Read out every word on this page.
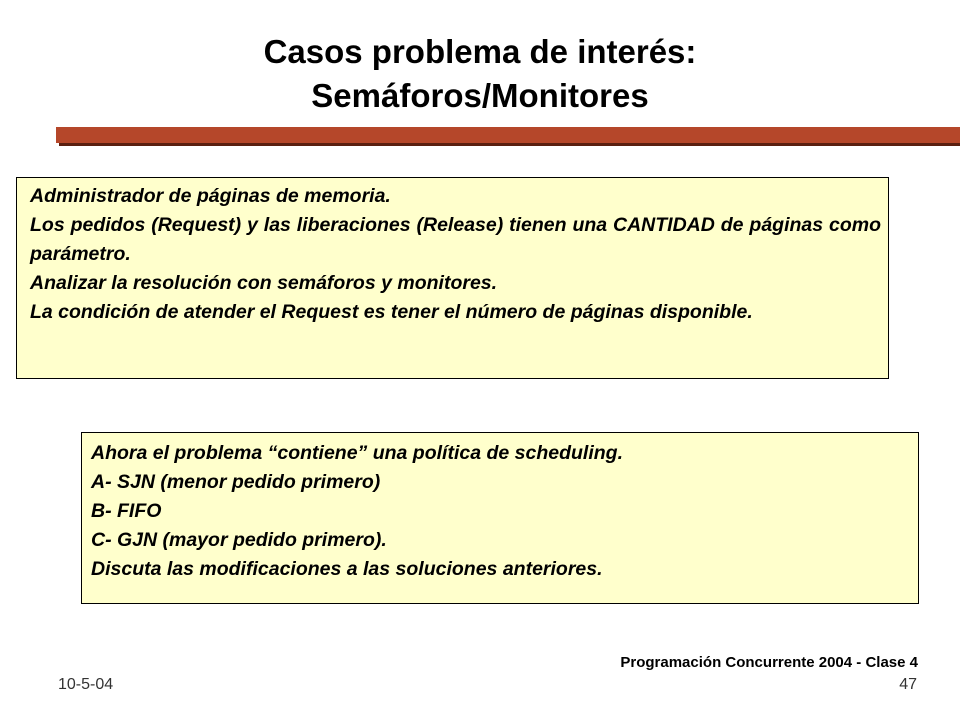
Casos problema de interés:
Semáforos/Monitores
Administrador de páginas de memoria.
Los pedidos (Request) y las liberaciones (Release) tienen una CANTIDAD de páginas como parámetro.
Analizar la resolución con semáforos y monitores.
La condición de atender el Request es tener el número de páginas disponible.
Ahora el problema “contiene” una política de scheduling.
A- SJN (menor pedido primero)
B- FIFO
C- GJN (mayor pedido primero).
Discuta las modificaciones a las soluciones anteriores.
Programación Concurrente 2004 - Clase 4
10-5-04	47
